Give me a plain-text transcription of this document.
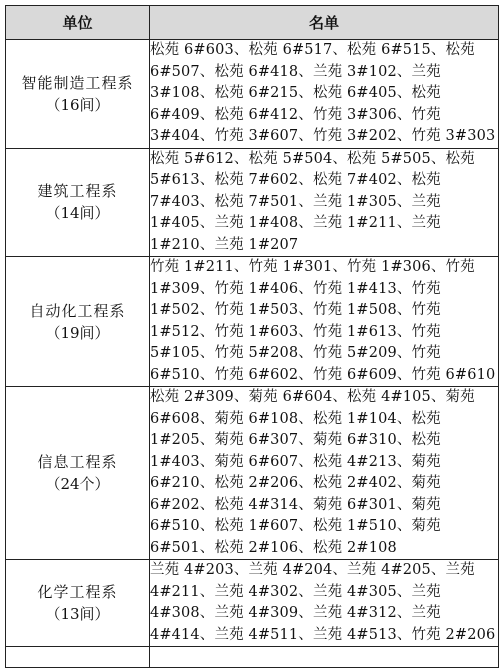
单位	名单

智能制造工程系
（16间）	松苑 6#603、松苑 6#517、松苑 6#515、松苑 6#507、松苑 6#418、兰苑 3#102、兰苑 3#108、松苑 6#215、松苑 6#405、松苑 6#409、松苑 6#412、竹苑 3#306、竹苑 3#404、竹苑 3#607、竹苑 3#202、竹苑 3#303

建筑工程系
（14间）	松苑 5#612、松苑 5#504、松苑 5#505、松苑 5#613、松苑 7#602、松苑 7#402、松苑 7#403、松苑 7#501、兰苑 1#305、兰苑 1#405、兰苑 1#408、兰苑 1#211、兰苑 1#210、兰苑 1#207

自动化工程系
（19间）	竹苑 1#211、竹苑 1#301、竹苑 1#306、竹苑 1#309、竹苑 1#406、竹苑 1#413、竹苑 1#502、竹苑 1#503、竹苑 1#508、竹苑 1#512、竹苑 1#603、竹苑 1#613、竹苑 5#105、竹苑 5#208、竹苑 5#209、竹苑 6#510、竹苑 6#602、竹苑 6#609、竹苑 6#610

信息工程系
（24个）	松苑 2#309、菊苑 6#604、松苑 4#105、菊苑 6#608、菊苑 6#108、松苑 1#104、松苑 1#205、菊苑 6#307、菊苑 6#310、松苑 1#403、菊苑 6#607、松苑 4#213、菊苑 6#210、松苑 2#206、松苑 2#402、菊苑 6#202、松苑 4#314、菊苑 6#301、菊苑 6#510、松苑 1#607、松苑 1#510、菊苑 6#501、松苑 2#106、松苑 2#108

化学工程系
（13间）	兰苑 4#203、兰苑 4#204、兰苑 4#205、兰苑 4#211、兰苑 4#302、兰苑 4#305、兰苑 4#308、兰苑 4#309、兰苑 4#312、兰苑 4#414、兰苑 4#511、兰苑 4#513、竹苑 2#206
